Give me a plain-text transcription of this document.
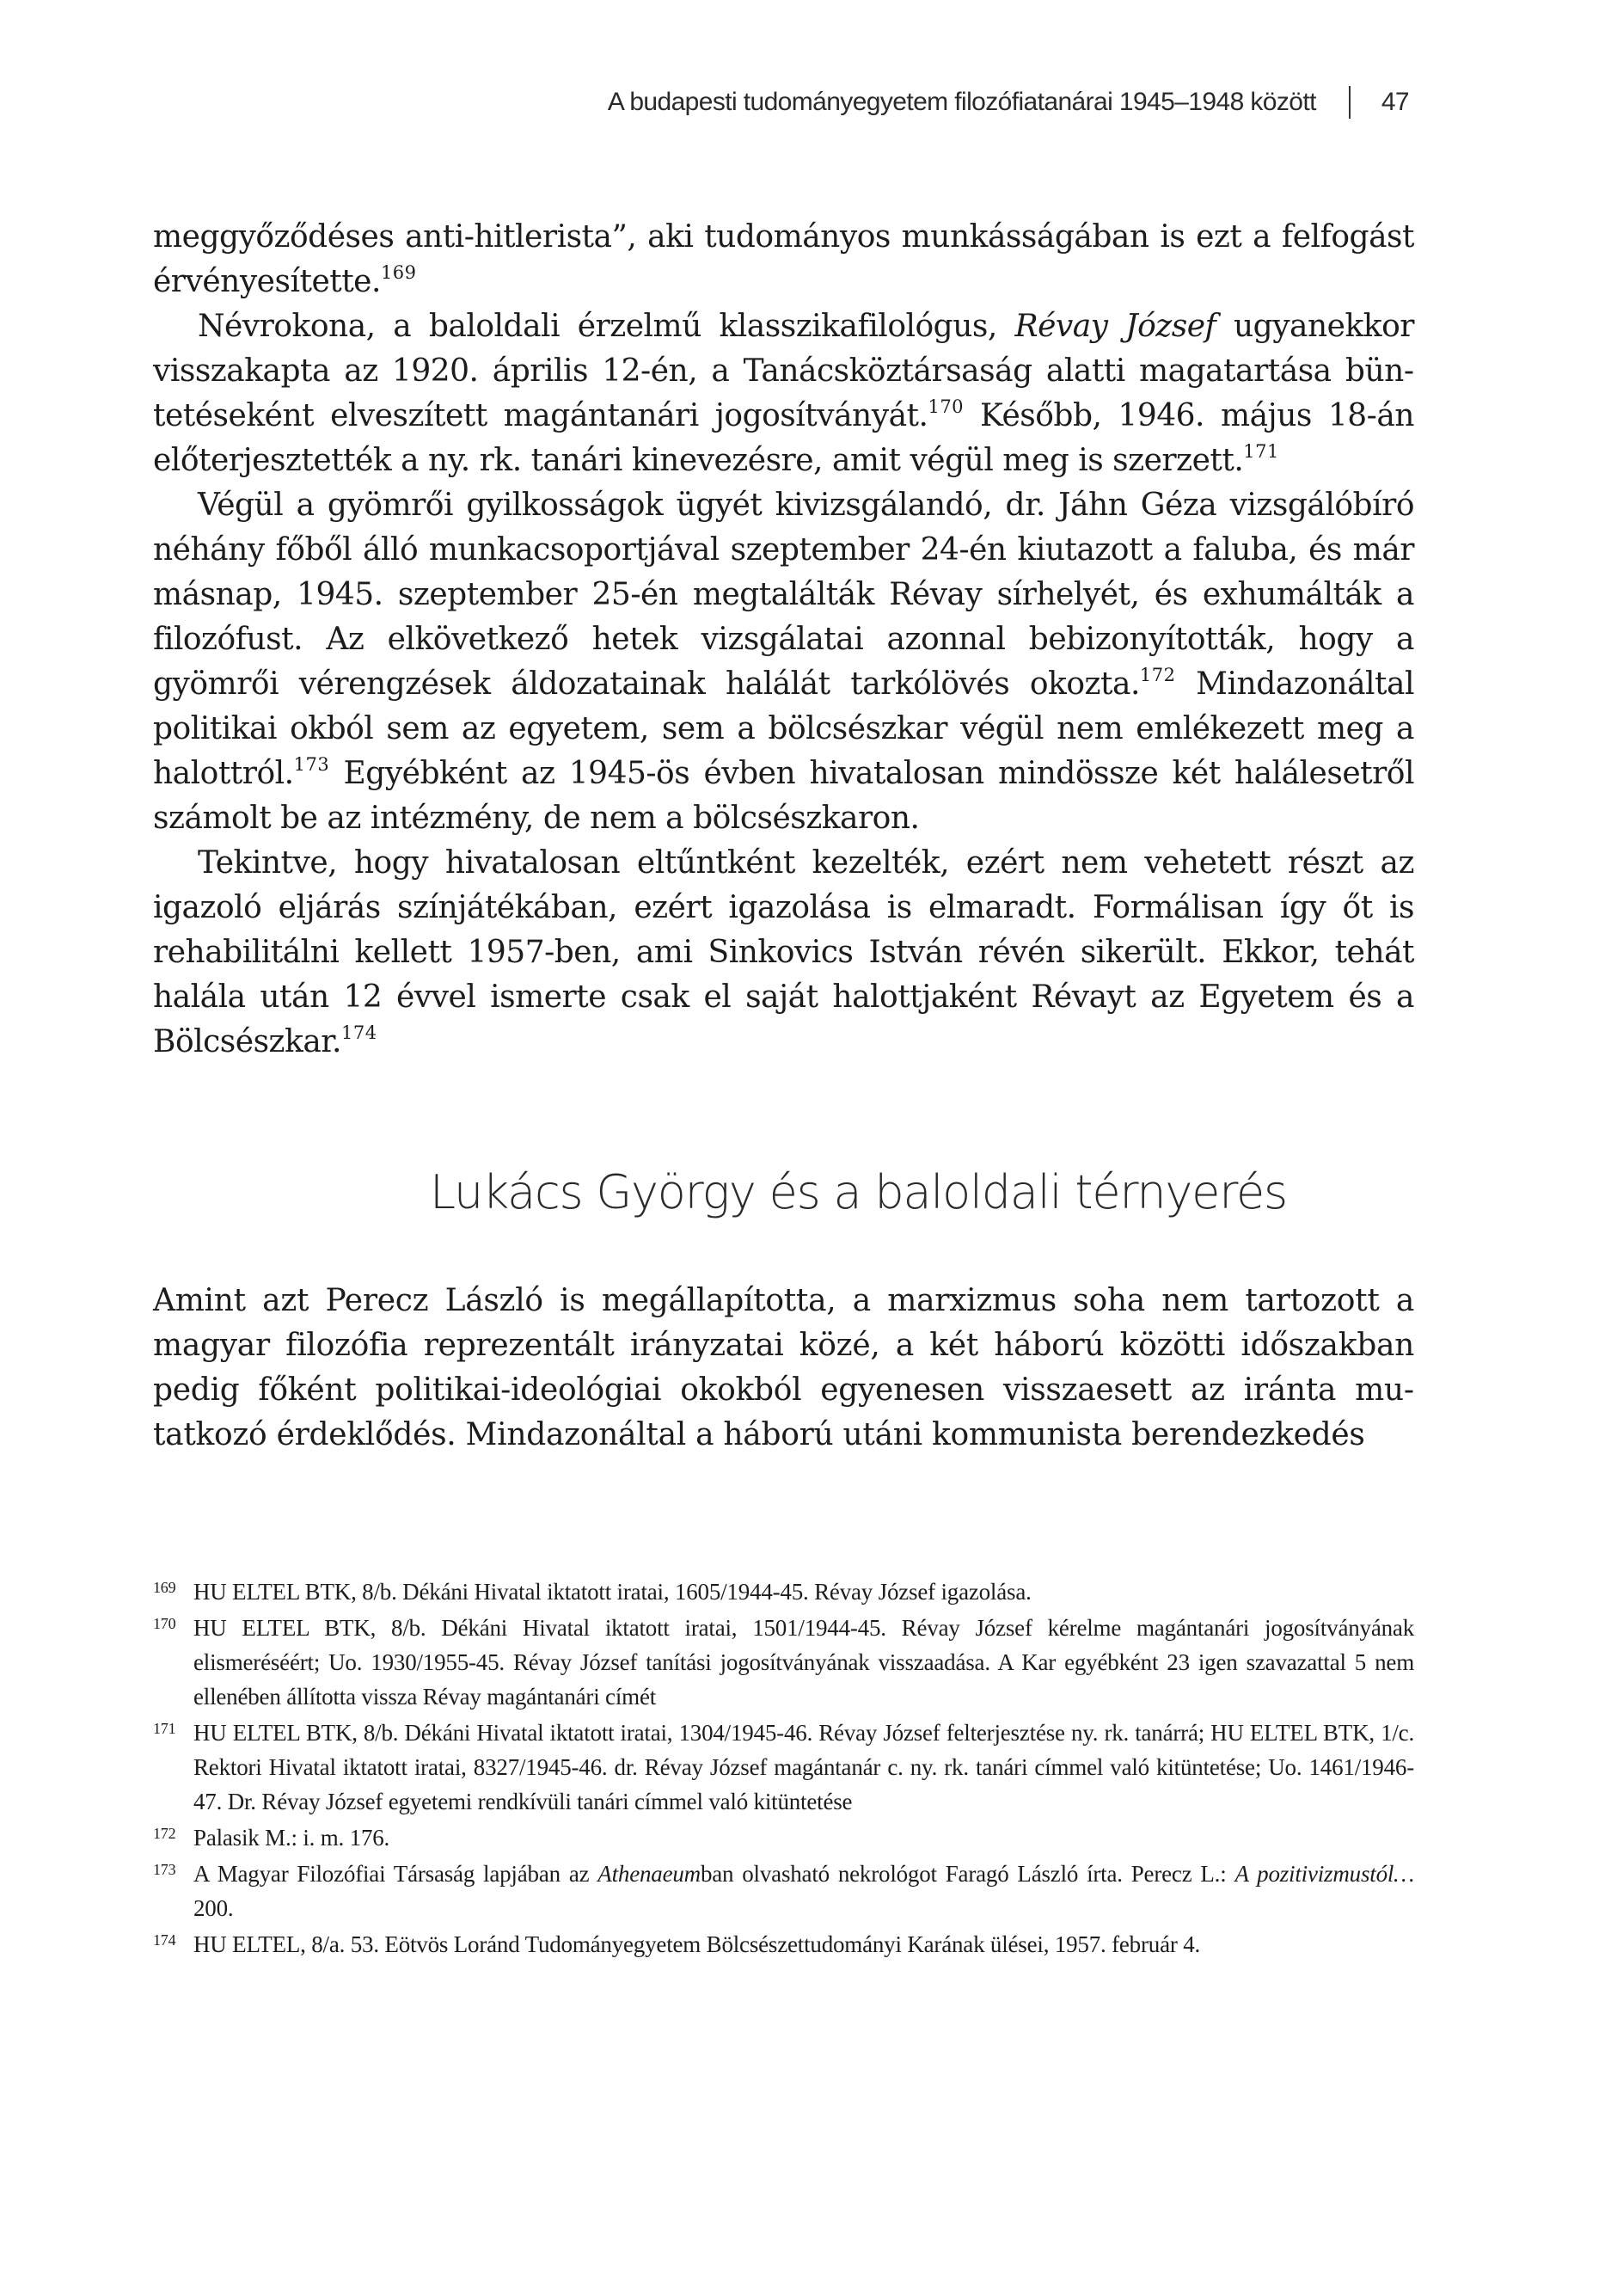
A budapesti tudományegyetem filozófiatanárai 1945–1948 között	47

meggyőződéses anti-hitlerista”, aki tudományos munkásságában is ezt a felfogást érvényesítette.$^{169}$

Névrokona, a baloldali érzelmű klasszikafilológus, Révay József ugyanekkor visszakapta az 1920. április 12-én, a Tanácsköztársaság alatti magatartása büntetéseként elveszített magántanári jogosítványát.$^{170}$ Később, 1946. május 18-án előterjesztették a ny. rk. tanári kinevezésre, amit végül meg is szerzett.$^{171}$

Végül a gyömrői gyilkosságok ügyét kivizsgálandó, dr. Jáhn Géza vizsgálóbíró néhány főből álló munkacsoportjával szeptember 24-én kiutazott a faluba, és már másnap, 1945. szeptember 25-én megtalálták Révay sírhelyét, és exhumálták a filozófust. Az elkövetkező hetek vizsgálatai azonnal bebizonyították, hogy a gyömrői vérengzések áldozatainak halálát tarkólövés okozta.$^{172}$ Mindazonáltal politikai okból sem az egyetem, sem a bölcsészkar végül nem emlékezett meg a halottról.$^{173}$ Egyébként az 1945-ös évben hivatalosan mindössze két halálesetről számolt be az intézmény, de nem a bölcsészkaron.

Tekintve, hogy hivatalosan eltűntként kezelték, ezért nem vehetett részt az igazoló eljárás színjátékában, ezért igazolása is elmaradt. Formálisan így őt is rehabilitálni kellett 1957-ben, ami Sinkovics István révén sikerült. Ekkor, tehát halála után 12 évvel ismerte csak el saját halottjaként Révayt az Egyetem és a Bölcsészkar.$^{174}$

Lukács György és a baloldali térnyerés

Amint azt Perecz László is megállapította, a marxizmus soha nem tartozott a magyar filozófia reprezentált irányzatai közé, a két háború közötti időszakban pedig főként politikai-ideológiai okokból egyenesen visszaesett az iránta mutatkozó érdeklődés. Mindazonáltal a háború utáni kommunista berendezkedés

169 HU ELTEL BTK, 8/b. Dékáni Hivatal iktatott iratai, 1605/1944-45. Révay József igazolása.
170 HU ELTEL BTK, 8/b. Dékáni Hivatal iktatott iratai, 1501/1944-45. Révay József kérelme magántanári jogosítványának elismeréséért; Uo. 1930/1955-45. Révay József tanítási jogosítványának visszaadása. A Kar egyébként 23 igen szavazattal 5 nem ellenében állította vissza Révay magántanári címét
171 HU ELTEL BTK, 8/b. Dékáni Hivatal iktatott iratai, 1304/1945-46. Révay József felterjesztése ny. rk. tanárrá; HU ELTEL BTK, 1/c. Rektori Hivatal iktatott iratai, 8327/1945-46. dr. Révay József magántanár c. ny. rk. tanári címmel való kitüntetése; Uo. 1461/1946-47. Dr. Révay József egyetemi rendkívüli tanári címmel való kitüntetése
172 Palasik M.: i. m. 176.
173 A Magyar Filozófiai Társaság lapjában az Athenaeumban olvasható nekrológot Faragó László írta. Perecz L.: A pozitivizmustól… 200.
174 HU ELTEL, 8/a. 53. Eötvös Loránd Tudományegyetem Bölcsészettudományi Karának ülései, 1957. február 4.
